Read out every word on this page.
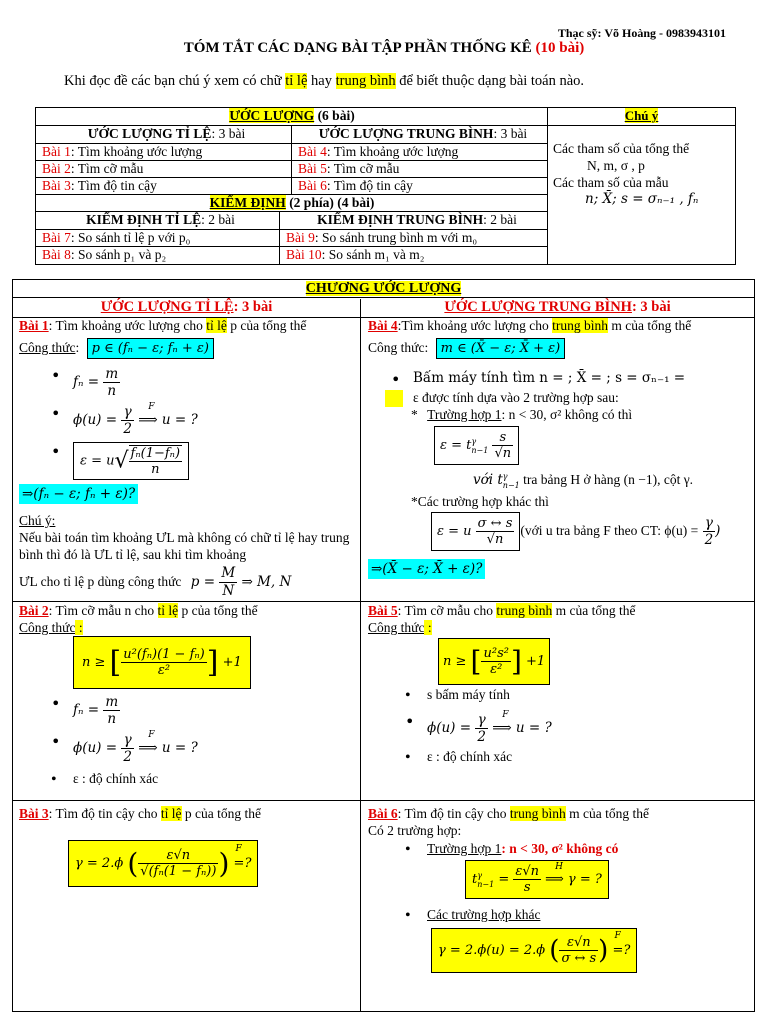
Thạc sỹ: Võ Hoàng - 0983943101
TÓM TẮT CÁC DẠNG BÀI TẬP PHẦN THỐNG KÊ (10 bài)
Khi đọc đề các bạn chú ý xem có chữ tỉ lệ hay trung bình để biết thuộc dạng bài toán nào.
ƯỚC LƯỢNG (6 bài)
ƯỚC LƯỢNG TỈ LỆ: 3 bài	ƯỚC LƯỢNG TRUNG BÌNH: 3 bài
Bài 1: Tìm khoảng ước lượng	Bài 4: Tìm khoảng ước lượng
Bài 2: Tìm cỡ mẫu	Bài 5: Tìm cỡ mẫu
Bài 3: Tìm độ tin cậy	Bài 6: Tìm độ tin cậy
KIỂM ĐỊNH (2 phía) (4 bài)
KIỂM ĐỊNH TỈ LỆ: 2 bài	KIỂM ĐỊNH TRUNG BÌNH: 2 bài
Bài 7: So sánh tỉ lệ p với p₀	Bài 9: So sánh trung bình m với m₀
Bài 8: So sánh p₁ và p₂	Bài 10: So sánh m₁ và m₂
Chú ý
Các tham số của tổng thể
N, m, σ , p
Các tham số của mẫu
n; X̄; s = σₙ₋₁ , fₙ
CHƯƠNG ƯỚC LƯỢNG
ƯỚC LƯỢNG TỈ LỆ: 3 bài	ƯỚC LƯỢNG TRUNG BÌNH: 3 bài
Bài 1: Tìm khoảng ước lượng cho tỉ lệ p của tổng thể
Công thức: p ∈ (fₙ − ε; fₙ + ε)
• $f_n = \frac{m}{n}$
• $\phi(u) = \frac{\gamma}{2}$
F
⟹ u = ?
• $\varepsilon = u√ \frac{\text{fₙ(1−fₙ)}}{n}$
⇒(fₙ − ε; fₙ + ε)?
Chú ý:
Nếu bài toán tìm khoảng ƯL mà không có chữ tỉ lệ hay trung bình thì đó là ƯL tỉ lệ, sau khi tìm khoảng
ƯL cho tỉ lệ p dùng công thức $p = \frac{M}{N}$ ⇒ M, N
Bài 4:Tìm khoảng ước lượng cho trung bình m của tổng thể
Công thức: m ∈ (X̄ − ε; X̄ + ε)
• Bấm máy tính tìm n = ; X̄ = ; s = σₙ₋₁ =
• ε được tính dựa vào 2 trường hợp sau:
* Trường hợp 1: n < 30, σ² không có thì
ε = t γ
n−1
$\frac{s}{√n}$
với t γ
n−1 tra bảng H ở hàng (n −1), cột γ.
*Các trường hợp khác thì
ε = u $\frac{\sigma \leftrightarrow s}{√n}$ (với u tra bảng F theo CT: $\phi(u) = \frac{\gamma}{2}$ )
⇒(X̄ − ε; X̄ + ε)?
Bài 2: Tìm cỡ mẫu n cho tỉ lệ p của tổng thể
Công thức :
n ≥ [ $\frac{\text{u²(fₙ)(1 − fₙ)}}{\text{ε²}}$ ] +1
• $f_n = \frac{m}{n}$
• $\phi(u) = \frac{\gamma}{2}$
F
⟹ u = ?
• ε : độ chính xác
Bài 5: Tìm cỡ mẫu cho trung bình m của tổng thể
Công thức :
n ≥ [ $\frac{\text{u²s²}}{\text{ε²}}$ ] +1
• s bấm máy tính
• $\phi(u) = \frac{\gamma}{2}$
F
⟹ u = ?
• ε : độ chính xác
Bài 3: Tìm độ tin cậy cho tỉ lệ p của tổng thể
γ = 2.ϕ ( $\frac{\varepsilon√n}{\text{√(fₙ(1 − fₙ))}}$ ) F
=?
Bài 6: Tìm độ tin cậy cho trung bình m của tổng thể
Có 2 trường hợp:
• Trường hợp 1: n < 30, σ² không có
t γ
$n-1 = \frac{\varepsilon√n}{s}$
H
⟹ γ = ?
• Các trường hợp khác
γ = 2.ϕ(u) = 2.ϕ ( $\frac{\varepsilon√n}{\sigma \leftrightarrow s}$ ) F
=?
